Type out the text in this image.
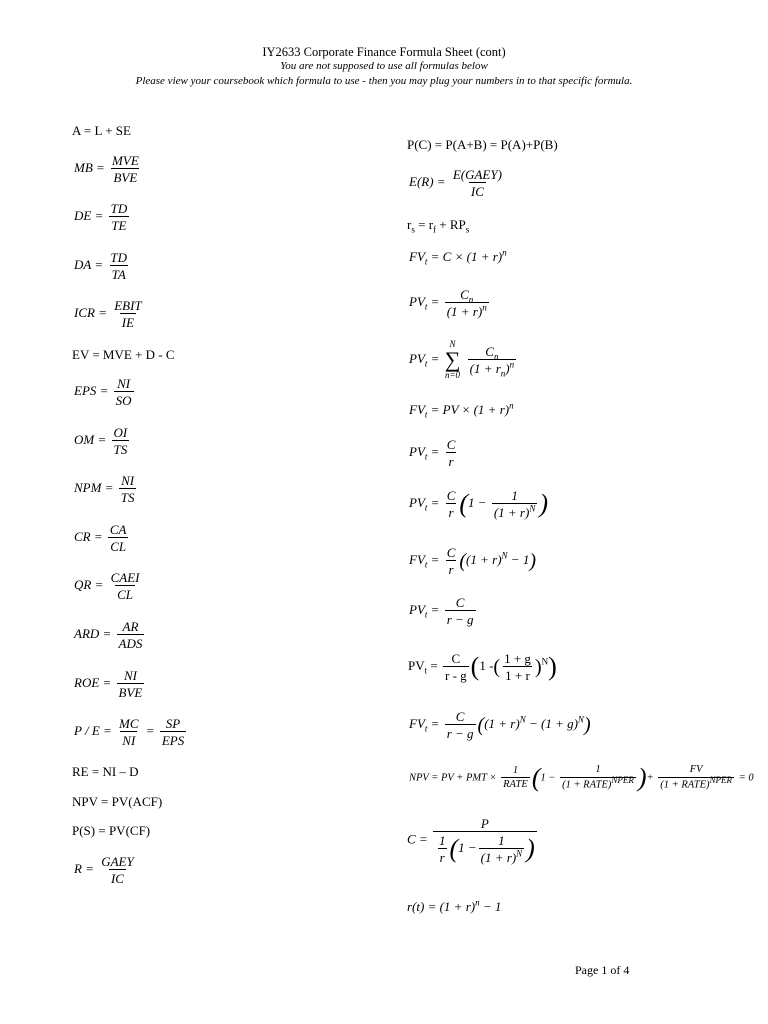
IY2633 Corporate Finance Formula Sheet (cont)
You are not supposed to use all formulas below
Please view your coursebook which formula to use - then you may plug your numbers in to that specific formula.
A = L + SE
MB = MVE
BVE
DE = $\frac{TD}{TE}$
DA = $\frac{TD}{TA}$
ICR = EBIT
IE
EV = MVE + D - C
EPS = $\frac{NI}{SO}$
OM = $\frac{OI}{TS}$
NPM = $\frac{NI}{TS}$
CR = $\frac{CA}{CL}$
QR = CAEI
CL
ARD = AR
ADS
ROE = NI
BVE
$P / E = \frac{MC}{NI}$ = SP
EPS
RE = NI – D
NPV = PV(ACF)
P(S) = PV(CF)
R = GAEY
IC
P(C) = P(A+B) = P(A)+P(B)
E(R) = E(GAEY)
IC
$r_s = r_f + RP_s$
$FV_t = C \times (1 + r)^n$
$PV_t = \frac{C_n}{(1 + r)^n}$
$PV_t$ =
N
∑
n=0
$\frac{C_n}{(1 + r_n)^n}$
$FV_t$ = PV × $(1 + r)^n$
$PV_t = \frac{C}{r}$
$PV_t = \frac{C}{r} (1 - \frac{1}{(1 + r)^N}$ )
$FV_t = \frac{C}{r} ((1 + r)^N - 1)$
$PV_t = \frac{C}{r - g}$
$PV_t = \frac{C}{r - g} (1$ -( $\frac{1 + g}{1 + r} )^N$)
$FV_t = \frac{C}{r - g} ((1 + r)^N - (1 + g)^N)$
NPV = PV + PMT ×
1
RATE (1 −
1
(1 + RATE)$^{NPER}$ )+
FV
(1 + RATE)$^{NPER}$ = 0
$C = \frac{P}{\frac{1}{r} (1 - \frac{1}{(1 + r)^N} )}$
$r(t) = (1 + r)^n - 1$
Page 1 of 4
